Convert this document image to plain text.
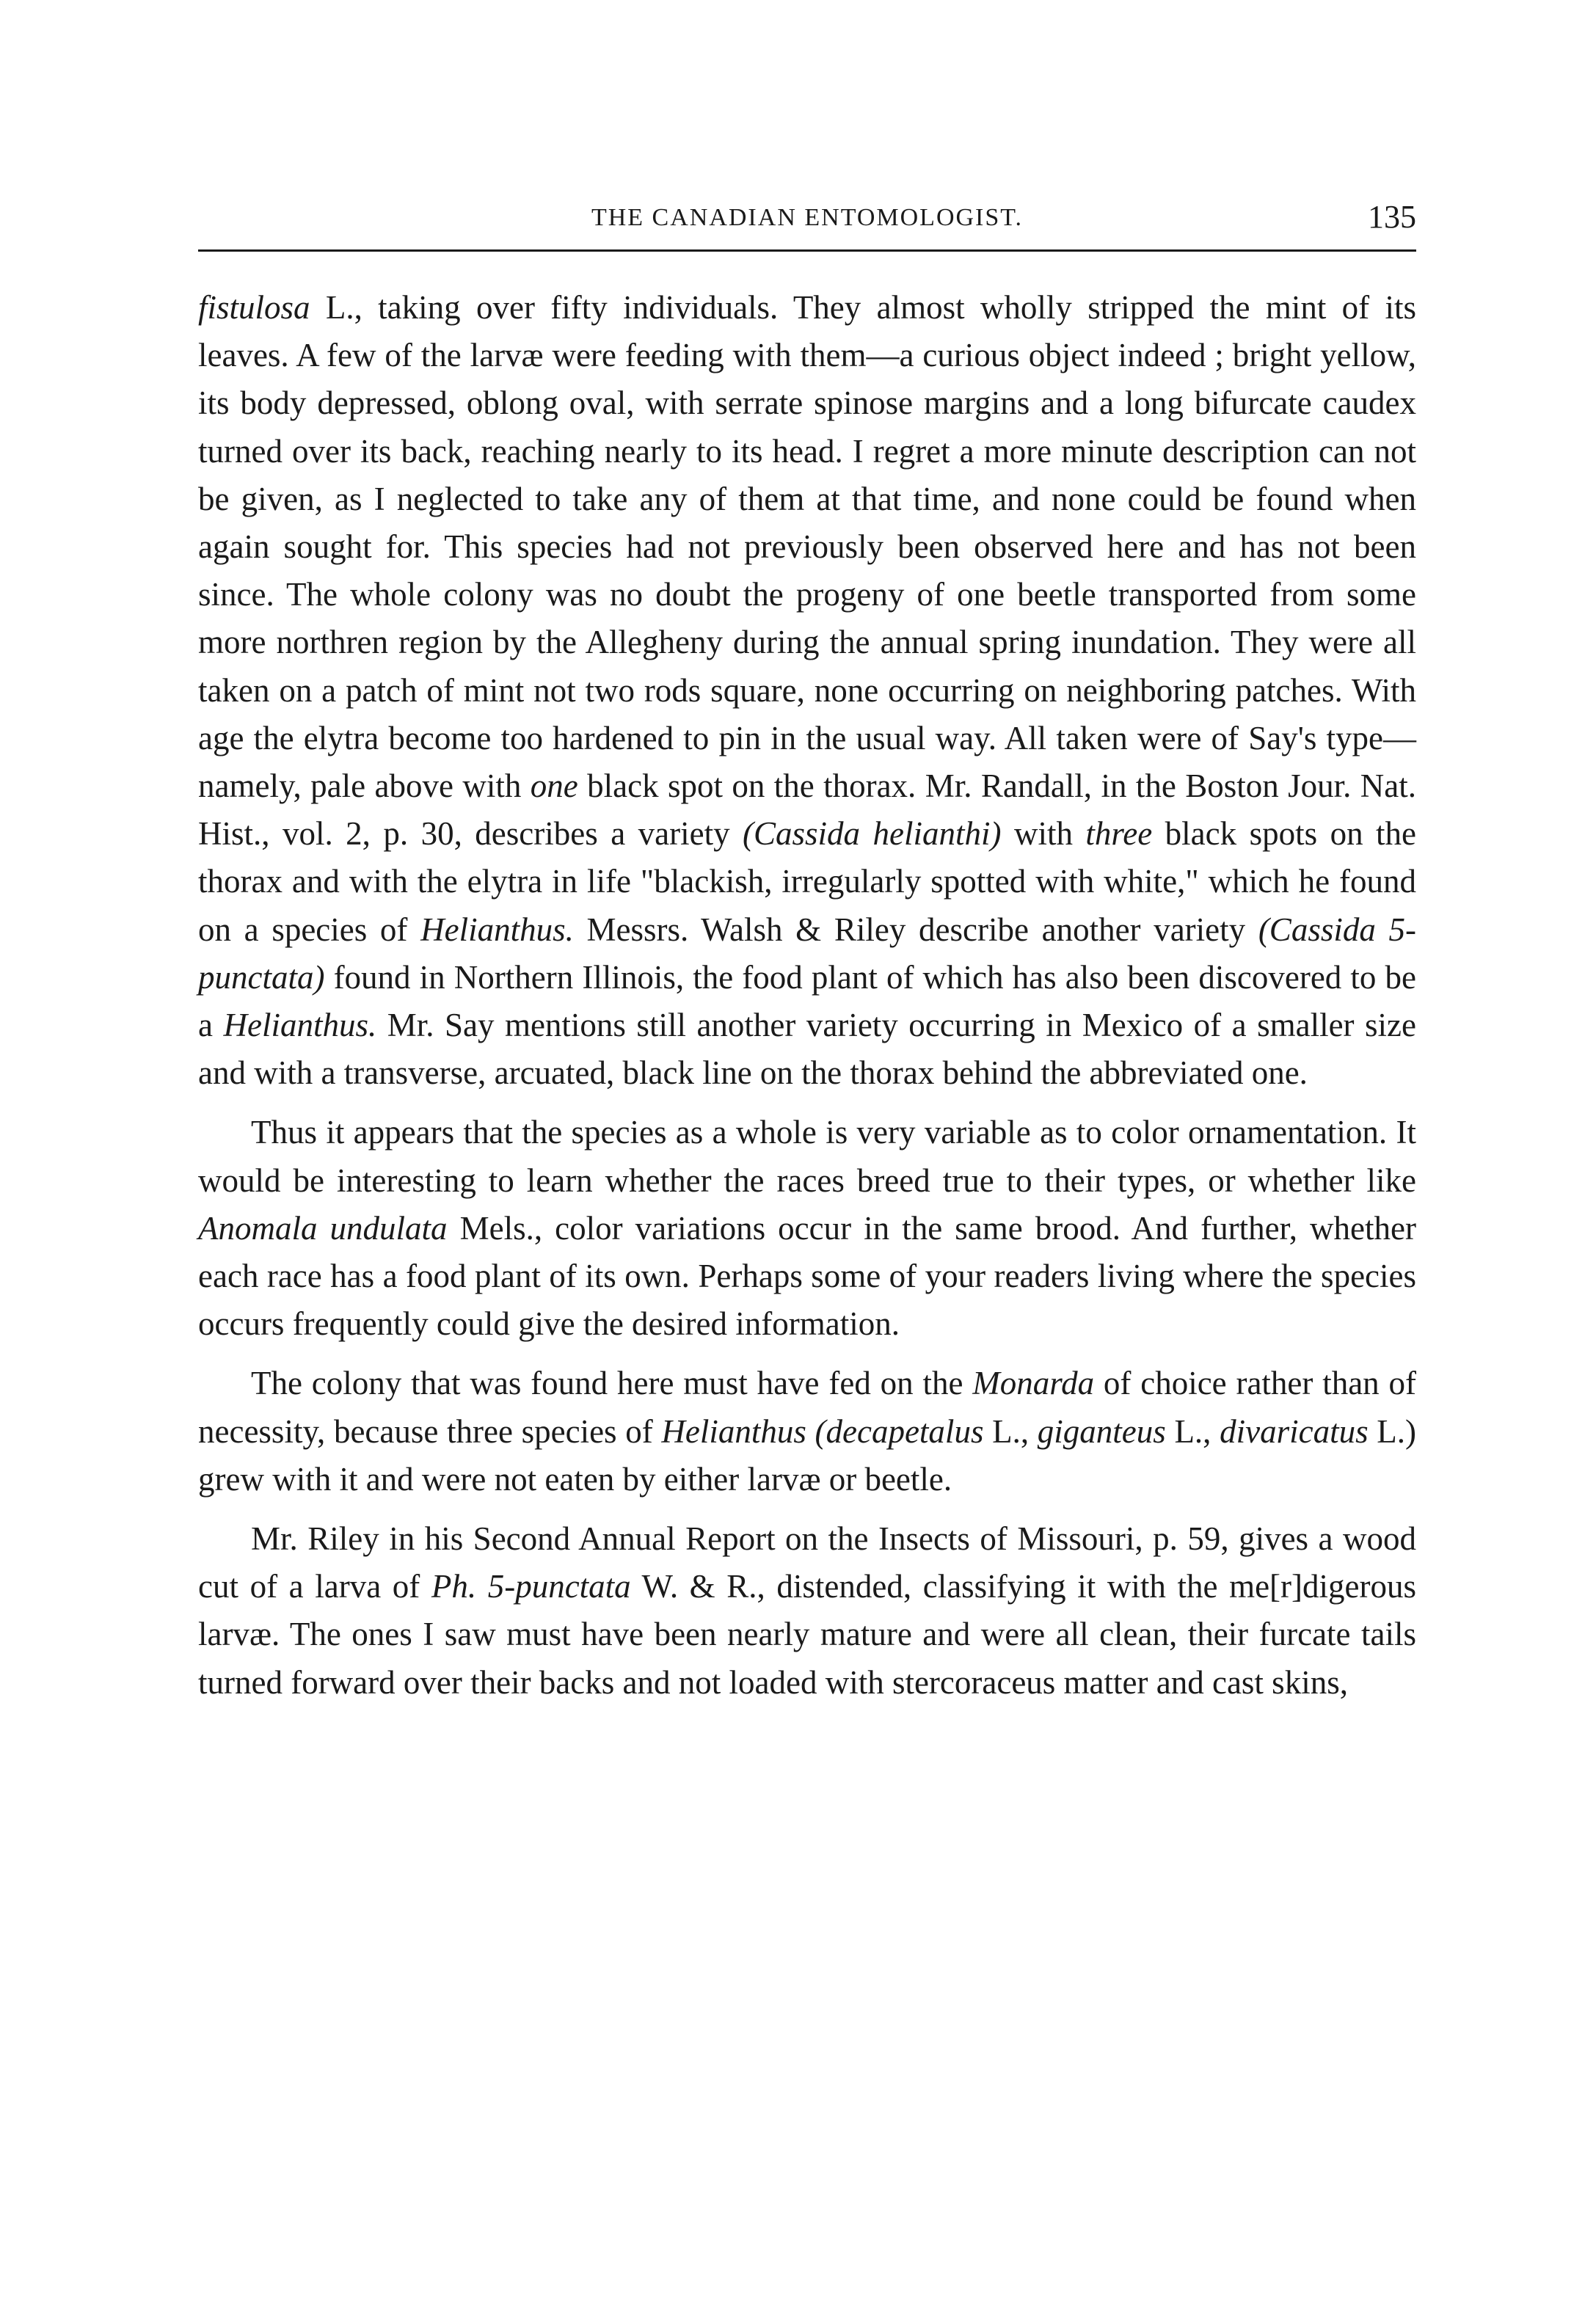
THE CANADIAN ENTOMOLOGIST.	135

fistulosa L., taking over fifty individuals. They almost wholly stripped the mint of its leaves. A few of the larvæ were feeding with them—a curious object indeed ; bright yellow, its body depressed, oblong oval, with serrate spinose margins and a long bifurcate caudex turned over its back, reaching nearly to its head. I regret a more minute description can not be given, as I neglected to take any of them at that time, and none could be found when again sought for. This species had not previously been observed here and has not been since. The whole colony was no doubt the progeny of one beetle transported from some more northren region by the Allegheny during the annual spring inundation. They were all taken on a patch of mint not two rods square, none occurring on neighboring patches. With age the elytra become too hardened to pin in the usual way. All taken were of Say's type—namely, pale above with one black spot on the thorax. Mr. Randall, in the Boston Jour. Nat. Hist., vol. 2, p. 30, describes a variety (Cassida helianthi) with three black spots on the thorax and with the elytra in life "blackish, irregularly spotted with white," which he found on a species of Helianthus. Messrs. Walsh & Riley describe another variety (Cassida 5-punctata) found in Northern Illinois, the food plant of which has also been discovered to be a Helianthus. Mr. Say mentions still another variety occurring in Mexico of a smaller size and with a transverse, arcuated, black line on the thorax behind the abbreviated one.

Thus it appears that the species as a whole is very variable as to color ornamentation. It would be interesting to learn whether the races breed true to their types, or whether like Anomala undulata Mels., color variations occur in the same brood. And further, whether each race has a food plant of its own. Perhaps some of your readers living where the species occurs frequently could give the desired information.

The colony that was found here must have fed on the Monarda of choice rather than of necessity, because three species of Helianthus (decapetalus L., giganteus L., divaricatus L.) grew with it and were not eaten by either larvæ or beetle.

Mr. Riley in his Second Annual Report on the Insects of Missouri, p. 59, gives a wood cut of a larva of Ph. 5-punctata W. & R., distended, classifying it with the me[r]digerous larvæ. The ones I saw must have been nearly mature and were all clean, their furcate tails turned forward over their backs and not loaded with stercoraceus matter and cast skins,
